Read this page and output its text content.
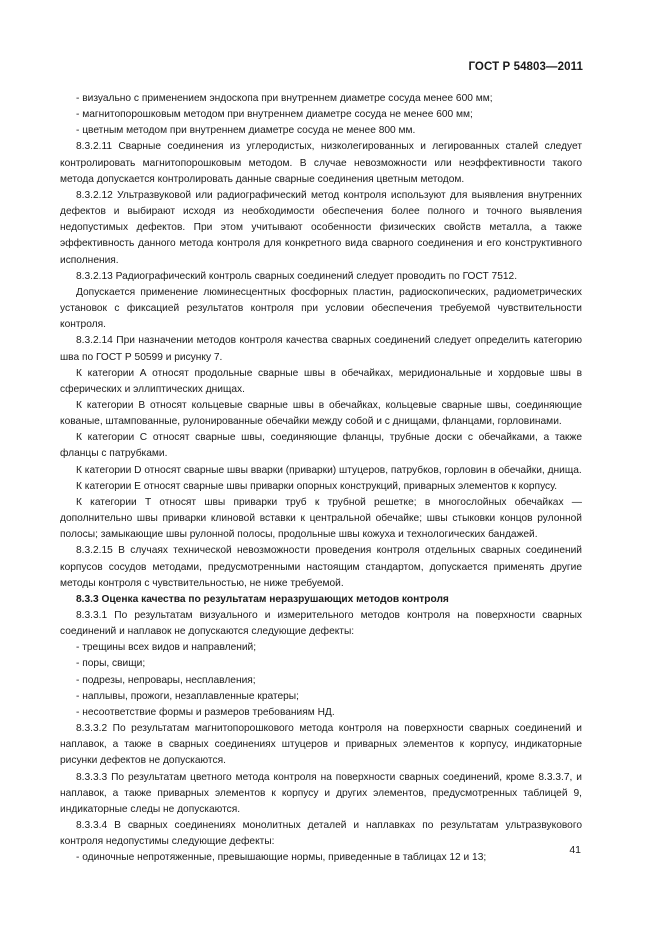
ГОСТ Р 54803—2011

- визуально с применением эндоскопа при внутреннем диаметре сосуда менее 600 мм;

- магнитопорошковым методом при внутреннем диаметре сосуда не менее 600 мм;

- цветным методом при внутреннем диаметре сосуда не менее 800 мм.

8.3.2.11 Сварные соединения из углеродистых, низколегированных и легированных сталей следует контролировать магнитопорошковым методом. В случае невозможности или неэффективности такого метода допускается контролировать данные сварные соединения цветным методом.

8.3.2.12 Ультразвуковой или радиографический метод контроля используют для выявления внутренних дефектов и выбирают исходя из необходимости обеспечения более полного и точного выявления недопустимых дефектов. При этом учитывают особенности физических свойств металла, а также эффективность данного метода контроля для конкретного вида сварного соединения и его конструктивного исполнения.

8.3.2.13 Радиографический контроль сварных соединений следует проводить по ГОСТ 7512.

Допускается применение люминесцентных фосфорных пластин, радиоскопических, радиометрических установок с фиксацией результатов контроля при условии обеспечения требуемой чувствительности контроля.

8.3.2.14 При назначении методов контроля качества сварных соединений следует определить категорию шва по ГОСТ Р 50599 и рисунку 7.

К категории А относят продольные сварные швы в обечайках, меридиональные и хордовые швы в сферических и эллиптических днищах.

К категории В относят кольцевые сварные швы в обечайках, кольцевые сварные швы, соединяющие кованые, штампованные, рулонированные обечайки между собой и с днищами, фланцами, горловинами.

К категории С относят сварные швы, соединяющие фланцы, трубные доски с обечайками, а также фланцы с патрубками.

К категории D относят сварные швы вварки (приварки) штуцеров, патрубков, горловин в обечайки, днища.

К категории Е относят сварные швы приварки опорных конструкций, приварных элементов к корпусу.

К категории Т относят швы приварки труб к трубной решетке; в многослойных обечайках — дополнительно швы приварки клиновой вставки к центральной обечайке; швы стыковки концов рулонной полосы; замыкающие швы рулонной полосы, продольные швы кожуха и технологических бандажей.

8.3.2.15 В случаях технической невозможности проведения контроля отдельных сварных соединений корпусов сосудов методами, предусмотренными настоящим стандартом, допускается применять другие методы контроля с чувствительностью, не ниже требуемой.

8.3.3 Оценка качества по результатам неразрушающих методов контроля

8.3.3.1 По результатам визуального и измерительного методов контроля на поверхности сварных соединений и наплавок не допускаются следующие дефекты:

- трещины всех видов и направлений;

- поры, свищи;

- подрезы, непровары, несплавления;

- наплывы, прожоги, незаплавленные кратеры;

- несоответствие формы и размеров требованиям НД.

8.3.3.2 По результатам магнитопорошкового метода контроля на поверхности сварных соединений и наплавок, а также в сварных соединениях штуцеров и приварных элементов к корпусу, индикаторные рисунки дефектов не допускаются.

8.3.3.3 По результатам цветного метода контроля на поверхности сварных соединений, кроме 8.3.3.7, и наплавок, а также приварных элементов к корпусу и других элементов, предусмотренных таблицей 9, индикаторные следы не допускаются.

8.3.3.4 В сварных соединениях монолитных деталей и наплавках по результатам ультразвукового контроля недопустимы следующие дефекты:

- одиночные непротяженные, превышающие нормы, приведенные в таблицах 12 и 13;

41
